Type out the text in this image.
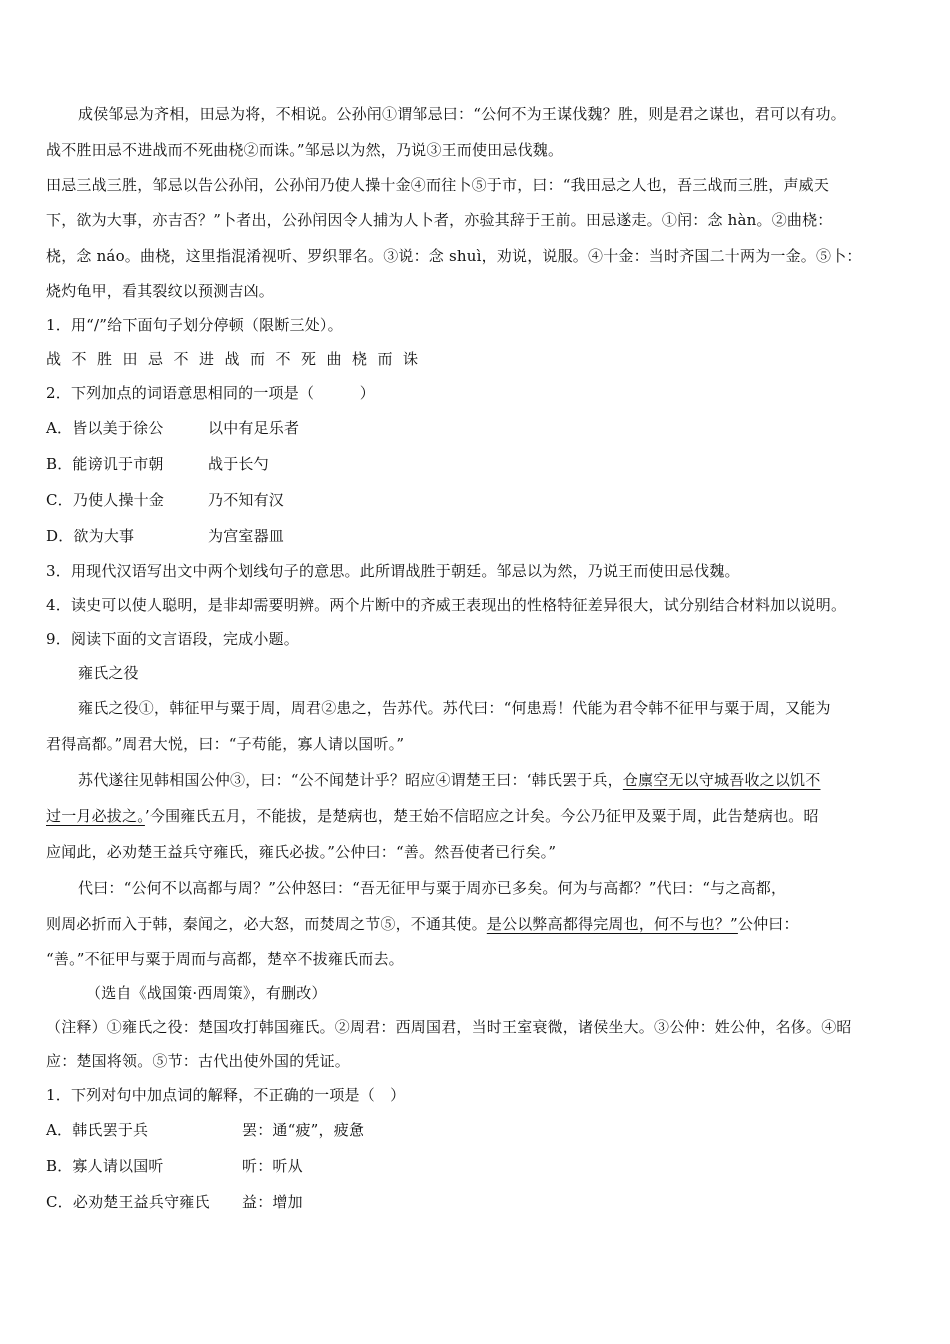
成侯邹忌为齐相，田忌为将，不相说。公孙闬①谓邹忌曰：“公何不为王谋伐魏？胜，则是君之谋也，君可以有功。
战不胜田忌不进战而不死曲桡②而诛。”邹忌以为然，乃说③王而使田忌伐魏。
田忌三战三胜，邹忌以告公孙闬，公孙闬乃使人操十金④而往卜⑤于市，曰：“我田忌之人也，吾三战而三胜，声威天
下，欲为大事，亦吉否？”卜者出，公孙闬因令人捕为人卜者，亦验其辞于王前。田忌遂走。①闬：念 hàn。②曲桡：
桡，念 náo。曲桡，这里指混淆视听、罗织罪名。③说：念 shuì，劝说，说服。④十金：当时齐国二十两为一金。⑤卜：
烧灼龟甲，看其裂纹以预测吉凶。
1．用“/”给下面句子划分停顿（限断三处）。
战不胜田忌不进战而不死曲桡而诛
2．下列加点的词语意思相同的一项是（　　　）
A．皆以美于徐公	以中有足乐者
B．能谤讥于市朝	战于长勺
C．乃使人操十金	乃不知有汉
D．欲为大事	为宫室器皿
3．用现代汉语写出文中两个划线句子的意思。此所谓战胜于朝廷。邹忌以为然，乃说王而使田忌伐魏。
4．读史可以使人聪明，是非却需要明辨。两个片断中的齐威王表现出的性格特征差异很大，试分别结合材料加以说明。
9．阅读下面的文言语段，完成小题。
雍氏之役
雍氏之役①，韩征甲与粟于周，周君②患之，告苏代。苏代曰：“何患焉！代能为君令韩不征甲与粟于周，又能为
君得高都。”周君大悦，曰：“子苟能，寡人请以国听。”
苏代遂往见韩相国公仲③，曰：“公不闻楚计乎？昭应④谓楚王曰：‘韩氏罢于兵，仓廪空无以守城吾收之以饥不
过一月必拔之。’今围雍氏五月，不能拔，是楚病也，楚王始不信昭应之计矣。今公乃征甲及粟于周，此告楚病也。昭
应闻此，必劝楚王益兵守雍氏，雍氏必拔。”公仲曰：“善。然吾使者已行矣。”
代曰：“公何不以高都与周？”公仲怒曰：“吾无征甲与粟于周亦已多矣。何为与高都？”代曰：“与之高都，
则周必折而入于韩，秦闻之，必大怒，而焚周之节⑤，不通其使。是公以弊高都得完周也，何不与也？”公仲曰：
“善。”不征甲与粟于周而与高都，楚卒不拔雍氏而去。
（选自《战国策·西周策》，有删改）
（注释）①雍氏之役：楚国攻打韩国雍氏。②周君：西周国君，当时王室衰微，诸侯坐大。③公仲：姓公仲，名侈。④昭
应：楚国将领。⑤节：古代出使外国的凭证。
1．下列对句中加点词的解释，不正确的一项是（　）
A．韩氏罢于兵	罢：通“疲”，疲惫
B．寡人请以国听	听：听从
C．必劝楚王益兵守雍氏 益：增加
